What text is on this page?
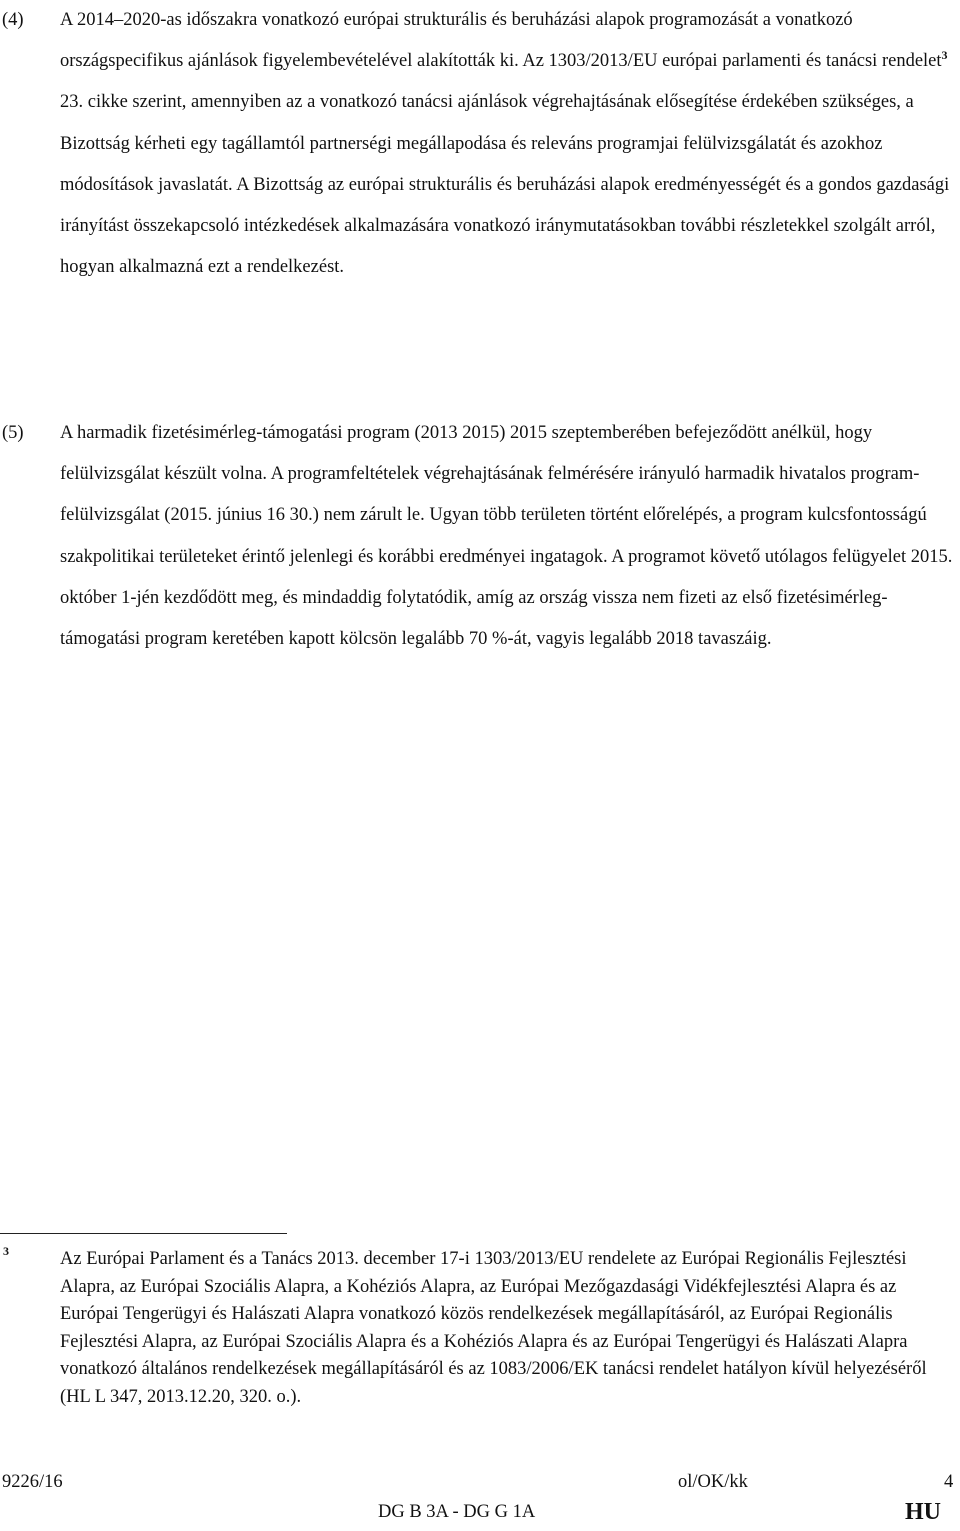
(4) A 2014–2020-as időszakra vonatkozó európai strukturális és beruházási alapok programozását a vonatkozó országspecifikus ajánlások figyelembevételével alakították ki. Az 1303/2013/EU európai parlamenti és tanácsi rendelet$^3$ 23. cikke szerint, amennyiben az a vonatkozó tanácsi ajánlások végrehajtásának elősegítése érdekében szükséges, a Bizottság kérheti egy tagállamtól partnerségi megállapodása és releváns programjai felülvizsgálatát és azokhoz módosítások javaslatát. A Bizottság az európai strukturális és beruházási alapok eredményességét és a gondos gazdasági irányítást összekapcsoló intézkedések alkalmazására vonatkozó iránymutatásokban további részletekkel szolgált arról, hogyan alkalmazná ezt a rendelkezést.

(5) A harmadik fizetésimérleg-támogatási program (2013 2015) 2015 szeptemberében befejeződött anélkül, hogy felülvizsgálat készült volna. A programfeltételek végrehajtásának felmérésére irányuló harmadik hivatalos program-felülvizsgálat (2015. június 16 30.) nem zárult le. Ugyan több területen történt előrelépés, a program kulcsfontosságú szakpolitikai területeket érintő jelenlegi és korábbi eredményei ingatagok. A programot követő utólagos felügyelet 2015. október 1-jén kezdődött meg, és mindaddig folytatódik, amíg az ország vissza nem fizeti az első fizetésimérleg-támogatási program keretében kapott kölcsön legalább 70 %-át, vagyis legalább 2018 tavaszáig.

3	Az Európai Parlament és a Tanács 2013. december 17-i 1303/2013/EU rendelete az Európai Regionális Fejlesztési Alapra, az Európai Szociális Alapra, a Kohéziós Alapra, az Európai Mezőgazdasági Vidékfejlesztési Alapra és az Európai Tengerügyi és Halászati Alapra vonatkozó közös rendelkezések megállapításáról, az Európai Regionális Fejlesztési Alapra, az Európai Szociális Alapra és a Kohéziós Alapra és az Európai Tengerügyi és Halászati Alapra vonatkozó általános rendelkezések megállapításáról és az 1083/2006/EK tanácsi rendelet hatályon kívül helyezéséről (HL L 347, 2013.12.20, 320. o.).

9226/16	ol/OK/kk	4
DG B 3A - DG G 1A	HU
